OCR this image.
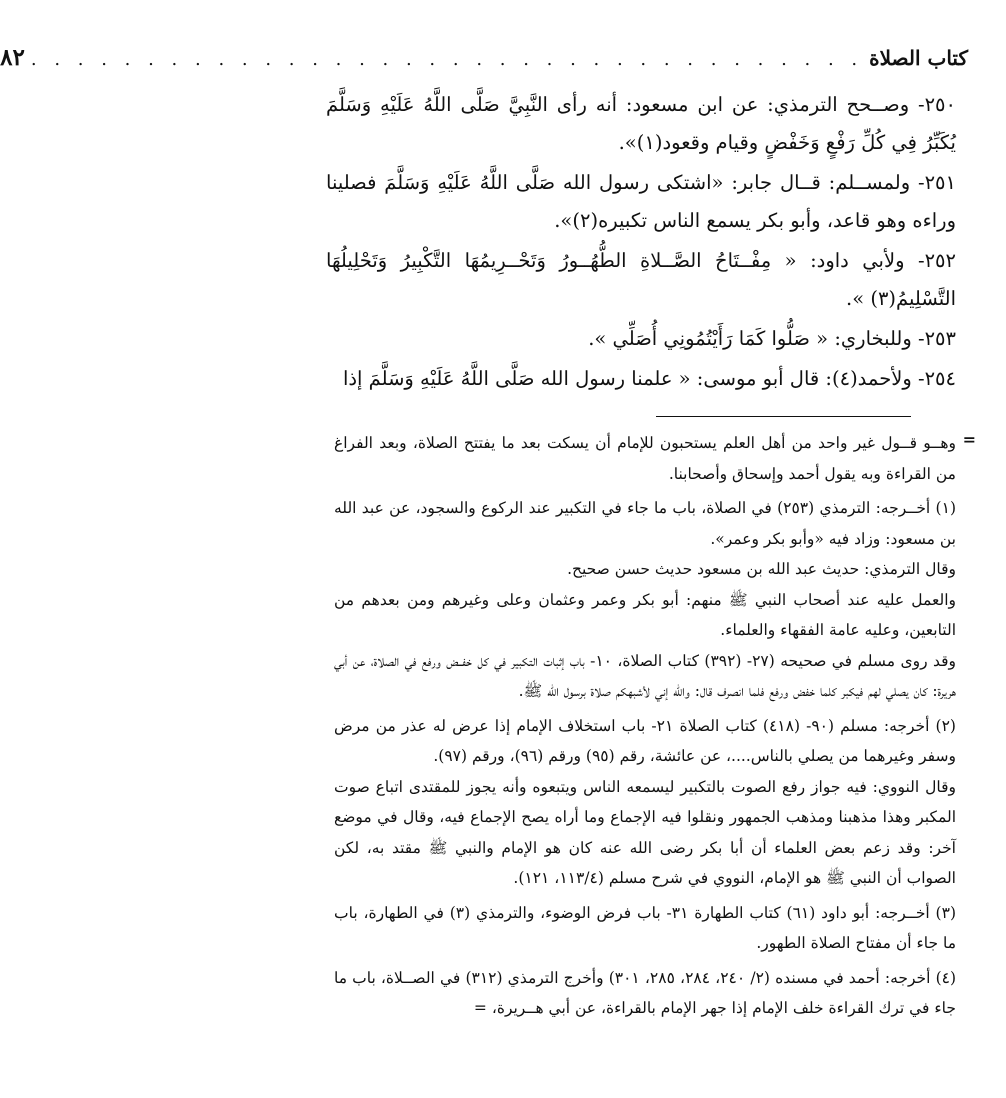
كتاب الصلاة
. . . . . . . . . . . . . . . . . . . . . . . . . . . . . . . . . . . .
٨٢

٢٥٠- وصــحح الترمذي: عن ابن مسعود: أنه رأى النَّبِيَّ صَلَّى اللَّهُ عَلَيْهِ وَسَلَّمَ يُكَبِّرُ فِي كُلِّ رَفْعٍ وَخَفْضٍ وقيام وقعود(١)».

٢٥١- ولمســلم: قــال جابر: «اشتكى رسول الله صَلَّى اللَّهُ عَلَيْهِ وَسَلَّمَ فصلينا وراءه وهو قاعد، وأبو بكر يسمع الناس تكبيره(٢)».

٢٥٢- ولأبي داود: « مِفْــتَاحُ الصَّــلاةِ الطُّهُــورُ وَتَحْــرِيمُهَا التَّكْبِيرُ وَتَحْلِيلُهَا التَّسْلِيمُ(٣) ».

٢٥٣- وللبخاري: « صَلُّوا كَمَا رَأَيْتُمُونِي أُصَلِّي ».

٢٥٤- ولأحمد(٤): قال أبو موسى: « علمنا رسول الله صَلَّى اللَّهُ عَلَيْهِ وَسَلَّمَ إذا

=

وهــو قــول غير واحد من أهل العلم يستحبون للإمام أن يسكت بعد ما يفتتح الصلاة، وبعد الفراغ من القراءة وبه يقول أحمد وإسحاق وأصحابنا.

(١) أخــرجه: الترمذي (٢٥٣) في الصلاة، باب ما جاء في التكبير عند الركوع والسجود، عن عبد الله بن مسعود: وزاد فيه «وأبو بكر وعمر».

وقال الترمذي: حديث عبد الله بن مسعود حديث حسن صحيح.

والعمل عليه عند أصحاب النبي ﷺ منهم: أبو بكر وعمر وعثمان وعلى وغيرهم ومن بعدهم من التابعين، وعليه عامة الفقهاء والعلماء.

وقد روى مسلم في صحيحه (٢٧- (٣٩٢) كتاب الصلاة، ١٠- باب إثبات التكبير في كل خفــض ورفع في الصلاة، عن أبي هريرة: كان يصلي لهم فيكبر كلما خفض ورفع فلما انصرف قال: والله إني لأشبهكم صلاة برسول الله ﷺ.

(٢) أخرجه: مسلم (٩٠- (٤١٨) كتاب الصلاة ٢١- باب استخلاف الإمام إذا عرض له عذر من مرض وسفر وغيرهما من يصلي بالناس....، عن عائشة، رقم (٩٥) ورقم (٩٦)، ورقم (٩٧).

وقال النووي: فيه جواز رفع الصوت بالتكبير ليسمعه الناس ويتبعوه وأنه يجوز للمقتدى اتباع صوت المكبر وهذا مذهبنا ومذهب الجمهور ونقلوا فيه الإجماع وما أراه يصح الإجماع فيه، وقال في موضع آخر: وقد زعم بعض العلماء أن أبا بكر رضى الله عنه كان هو الإمام والنبي ﷺ مقتد به، لكن الصواب أن النبي ﷺ هو الإمام، النووي في شرح مسلم (١١٣/٤، ١٢١).

(٣) أخــرجه: أبو داود (٦١) كتاب الطهارة ٣١- باب فرض الوضوء، والترمذي (٣) في الطهارة، باب ما جاء أن مفتاح الصلاة الطهور.

(٤) أخرجه: أحمد في مسنده (٢/ ٢٤٠، ٢٨٤، ٢٨٥، ٣٠١) وأخرج الترمذي (٣١٢) في الصــلاة، باب ما جاء في ترك القراءة خلف الإمام إذا جهر الإمام بالقراءة، عن أبي هــريرة، =
